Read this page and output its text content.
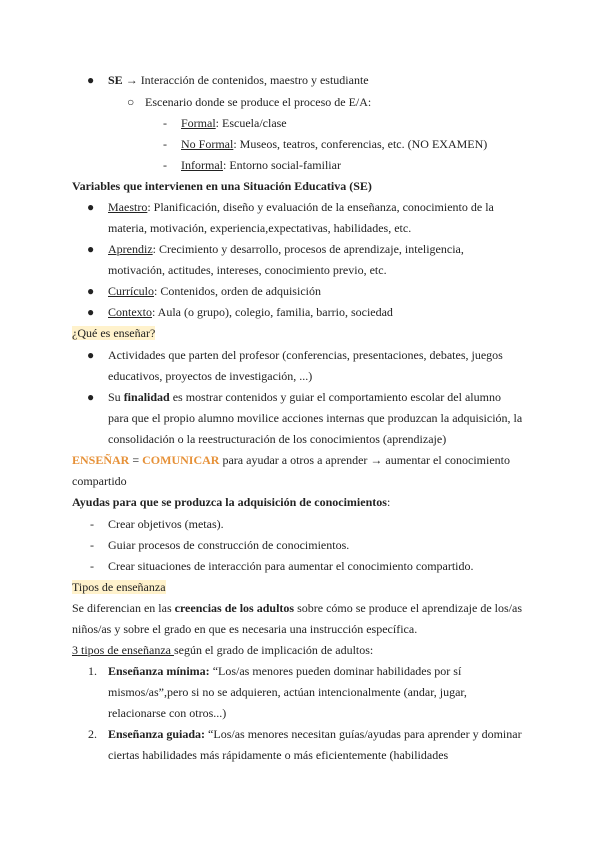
● SE → Interacción de contenidos, maestro y estudiante
○ Escenario donde se produce el proceso de E/A:
- Formal: Escuela/clase
- No Formal: Museos, teatros, conferencias, etc. (NO EXAMEN)
- Informal: Entorno social-familiar
Variables que intervienen en una Situación Educativa (SE)
● Maestro: Planificación, diseño y evaluación de la enseñanza, conocimiento de la
materia, motivación, experiencia,expectativas, habilidades, etc.
● Aprendiz: Crecimiento y desarrollo, procesos de aprendizaje, inteligencia,
motivación, actitudes, intereses, conocimiento previo, etc.
● Currículo: Contenidos, orden de adquisición
● Contexto: Aula (o grupo), colegio, familia, barrio, sociedad
¿Qué es enseñar?
● Actividades que parten del profesor (conferencias, presentaciones, debates, juegos
educativos, proyectos de investigación, ...)
● Su finalidad es mostrar contenidos y guiar el comportamiento escolar del alumno
para que el propio alumno movilice acciones internas que produzcan la adquisición, la
consolidación o la reestructuración de los conocimientos (aprendizaje)
ENSEÑAR = COMUNICAR para ayudar a otros a aprender → aumentar el conocimiento
compartido
Ayudas para que se produzca la adquisición de conocimientos:
- Crear objetivos (metas).
- Guiar procesos de construcción de conocimientos.
- Crear situaciones de interacción para aumentar el conocimiento compartido.
Tipos de enseñanza
Se diferencian en las creencias de los adultos sobre cómo se produce el aprendizaje de los/as
niños/as y sobre el grado en que es necesaria una instrucción específica.
3 tipos de enseñanza según el grado de implicación de adultos:
1. Enseñanza mínima: “Los/as menores pueden dominar habilidades por sí
mismos/as”,pero si no se adquieren, actúan intencionalmente (andar, jugar,
relacionarse con otros...)
2. Enseñanza guiada: “Los/as menores necesitan guías/ayudas para aprender y dominar
ciertas habilidades más rápidamente o más eficientemente (habilidades
